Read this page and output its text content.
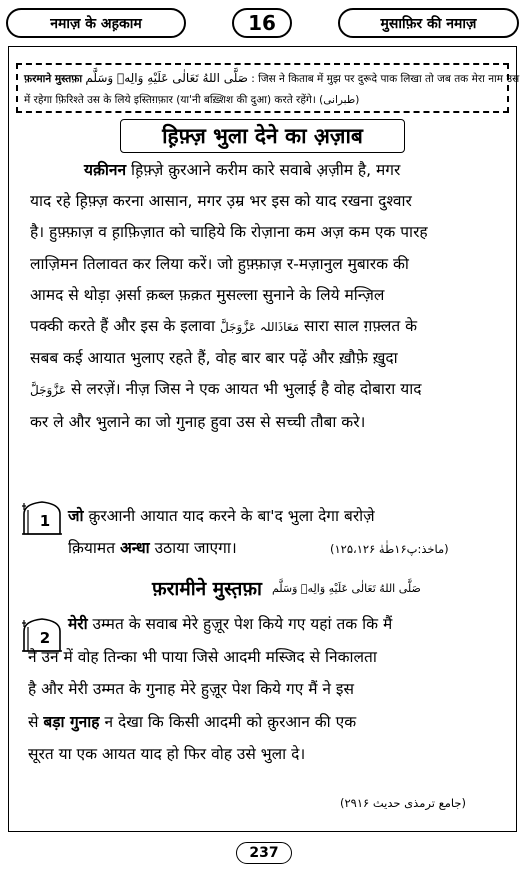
नमाज़ के अह़काम	16	मुसाफ़िर की नमाज़
फ़रमाने मुस्तफ़ा صَلَّى اللهُ تَعَالٰى عَلَيْهِ وَالِهٖ وَسَلَّم : जिस ने किताब में मुझ पर दुरूदे पाक लिखा तो जब तक मेरा नाम उस
में रहेगा फ़िरिश्ते उस के लिये इस्तिग़फ़ार (या'नी बख़्शिश की दुआ) करते रहेंगे। (طبرانی)
ह़िफ़्ज़ भुला देने का अ़ज़ाब
यक़ीनन ह़िफ़्ज़े क़ुरआने करीम कारे सवाबे अ़ज़ीम है, मगर
याद रहे ह़िफ़्ज़ करना आसान, मगर उ़म्र भर इस को याद रखना दुश्वार
है। हुफ़्फ़ाज़ व ह़ाफ़िज़ात को चाहिये कि रोज़ाना कम अज़ कम एक पारह
लाज़िमन तिलावत कर लिया करें। जो हुफ़्फ़ाज़ र-मज़ानुल मुबारक की
आमद से थोड़ा अ़र्सा क़ब्ल फ़क़त मुसल्ला सुनाने के लिये मन्ज़िल
पक्की करते हैं और इस के इलावा مَعَاذَاللہ عَزَّوَجَلَّ सारा साल ग़फ़्लत के
सबब कई आयात भुलाए रहते हैं, वोह बार बार पढ़ें और ख़ौफ़े ख़ुदा
عَزَّوَجَلَّ से लरज़ें। नीज़ जिस ने एक आयत भी भुलाई है वोह दोबारा याद
कर ले और भुलाने का जो गुनाह हुवा उस से सच्ची तौबा करे।
1 जो क़ुरआनी आयात याद करने के बा'द भुला देगा बरोज़े
क़ियामत अन्धा उठाया जाएगा।	(ماخذ:پ۱۶طٰهٰ ۱۲۵،۱۲۶)
फ़रामीने मुस्त़फ़ा صَلَّى اللهُ تَعَالٰى عَلَيْهِ وَالِهٖ وَسَلَّم
2
मेरी उम्मत के सवाब मेरे हुज़ूर पेश किये गए यहां तक कि मैं
ने उन में वोह तिन्का भी पाया जिसे आदमी मस्जिद से निकालता
है और मेरी उम्मत के गुनाह मेरे हुज़ूर पेश किये गए मैं ने इस
से बड़ा गुनाह न देखा कि किसी आदमी को क़ुरआन की एक
सूरत या एक आयत याद हो फिर वोह उसे भुला दे।
(جامع ترمذی حدیث ۲۹۱۶)
237
